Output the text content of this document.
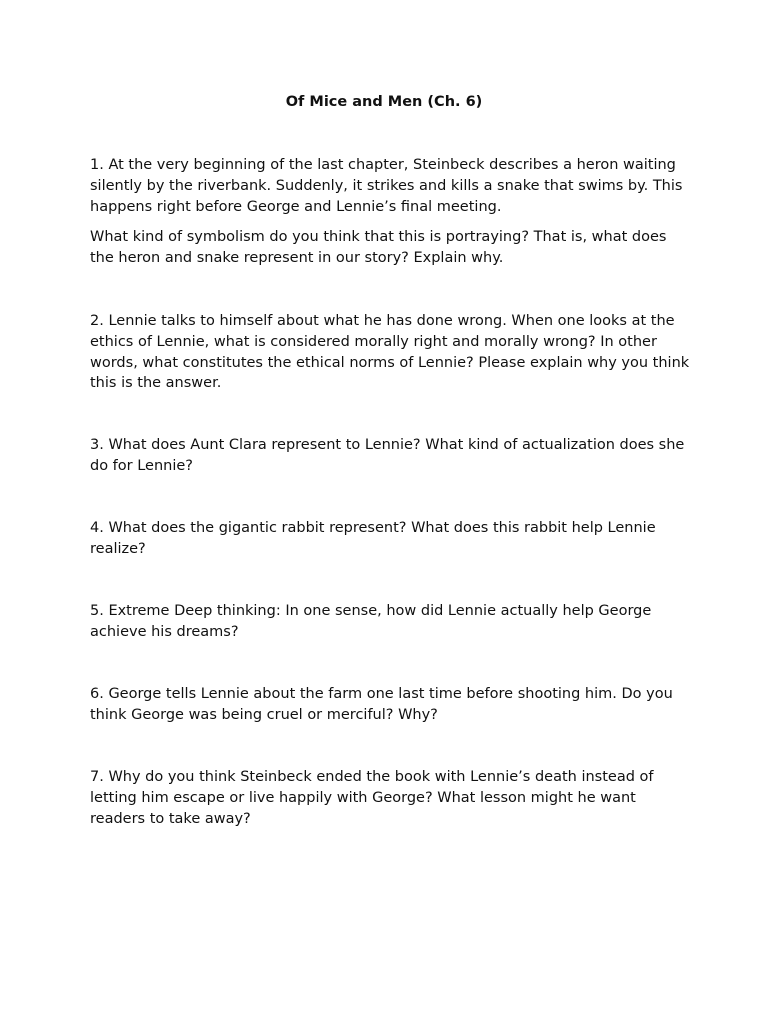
Of Mice and Men (Ch. 6)

1. At the very beginning of the last chapter, Steinbeck describes a heron waiting silently by the riverbank. Suddenly, it strikes and kills a snake that swims by. This happens right before George and Lennie’s final meeting.

What kind of symbolism do you think that this is portraying? That is, what does the heron and snake represent in our story? Explain why.

2. Lennie talks to himself about what he has done wrong. When one looks at the ethics of Lennie, what is considered morally right and morally wrong? In other words, what constitutes the ethical norms of Lennie? Please explain why you think this is the answer.

3. What does Aunt Clara represent to Lennie? What kind of actualization does she do for Lennie?

4. What does the gigantic rabbit represent? What does this rabbit help Lennie realize?

5. Extreme Deep thinking: In one sense, how did Lennie actually help George achieve his dreams?

6. George tells Lennie about the farm one last time before shooting him. Do you think George was being cruel or merciful? Why?

7. Why do you think Steinbeck ended the book with Lennie’s death instead of letting him escape or live happily with George? What lesson might he want readers to take away?
